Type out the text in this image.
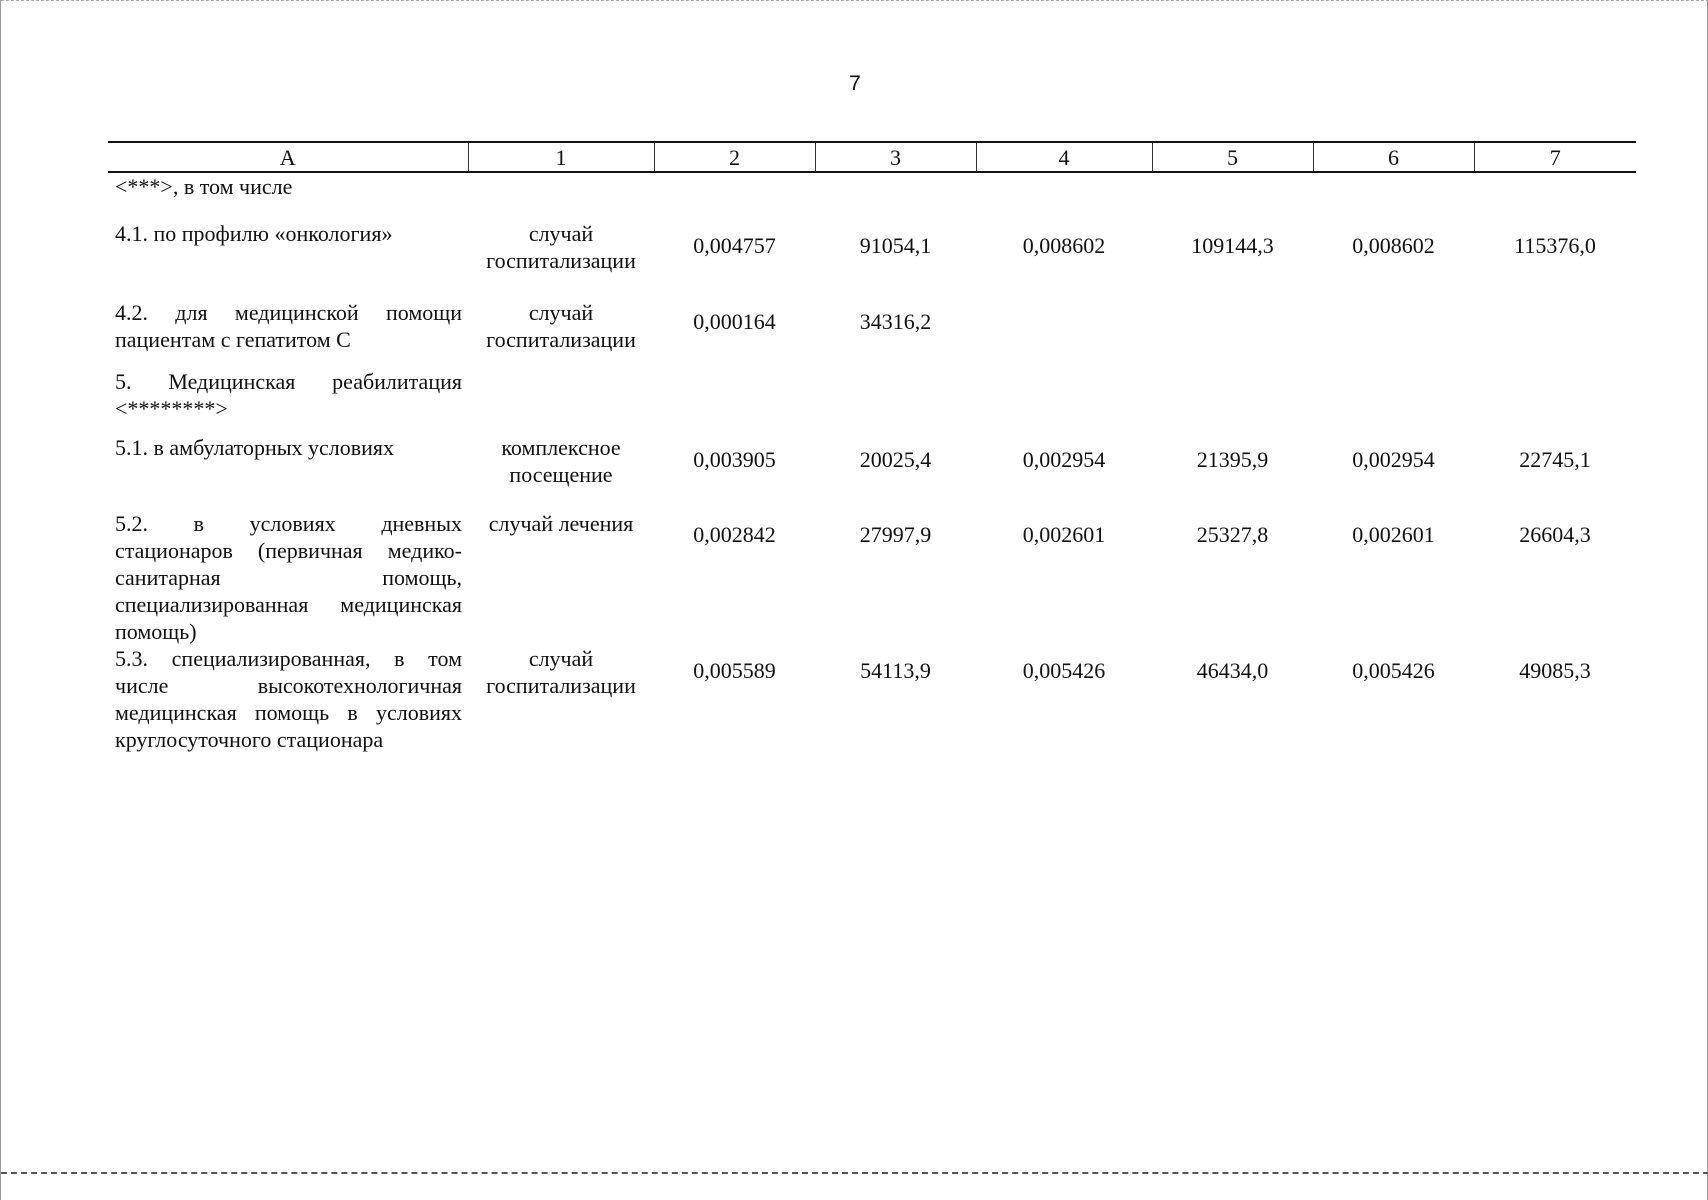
7
А	1	2	3	4	5	6	7
<***>, в том числе							
4.1. по профилю «онкология»	случай госпитализации	0,004757	91054,1	0,008602	109144,3	0,008602	115376,0
4.2. для медицинской помощи пациентам с гепатитом С	случай госпитализации	0,000164	34316,2				
5. Медицинская реабилитация <********>							
5.1. в амбулаторных условиях	комплексное посещение	0,003905	20025,4	0,002954	21395,9	0,002954	22745,1
5.2. в условиях дневных стационаров (первичная медико-санитарная помощь, специализированная медицинская помощь)	случай лечения	0,002842	27997,9	0,002601	25327,8	0,002601	26604,3
5.3. специализированная, в том числе высокотехнологичная медицинская помощь в условиях круглосуточного стационара	случай госпитализации	0,005589	54113,9	0,005426	46434,0	0,005426	49085,3
